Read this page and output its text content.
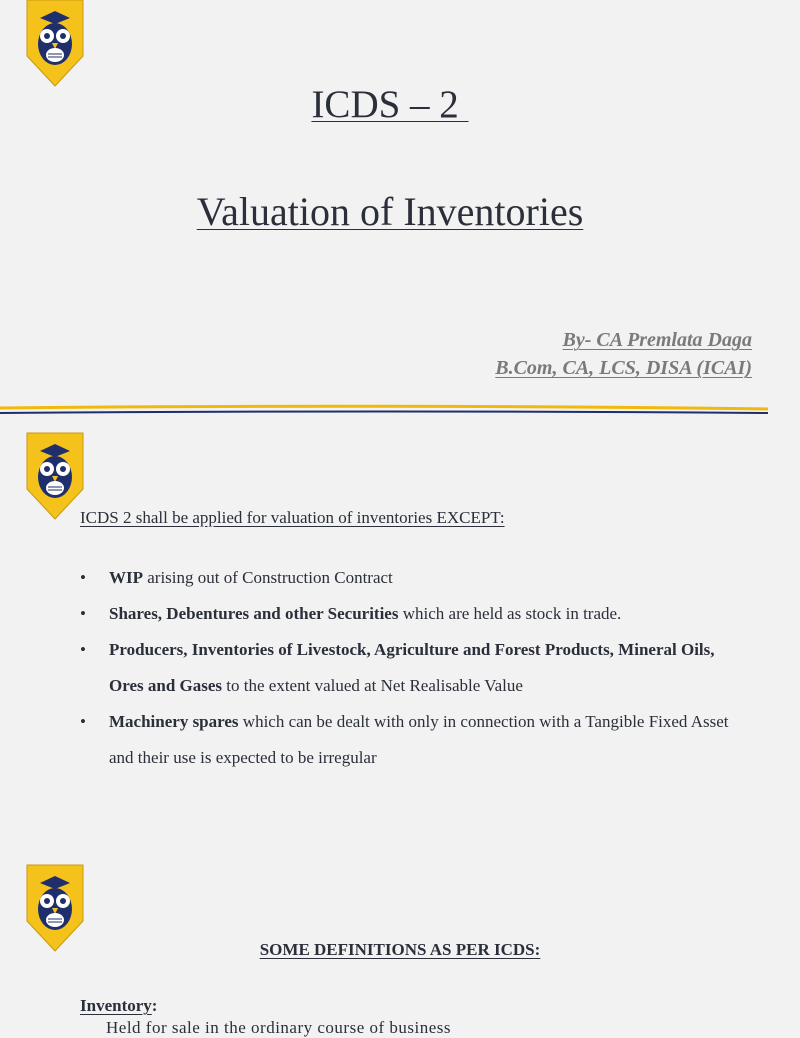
ICDS – 2
Valuation of Inventories
By- CA Premlata Daga
B.Com, CA, LCS, DISA (ICAI)
ICDS 2 shall be applied for valuation of inventories EXCEPT:
• WIP arising out of Construction Contract
• Shares, Debentures and other Securities which are held as stock in trade.
• Producers, Inventories of Livestock, Agriculture and Forest Products, Mineral Oils, Ores and Gases to the extent valued at Net Realisable Value
• Machinery spares which can be dealt with only in connection with a Tangible Fixed Asset and their use is expected to be irregular
SOME DEFINITIONS AS PER ICDS:
Inventory:
Held for sale in the ordinary course of business
